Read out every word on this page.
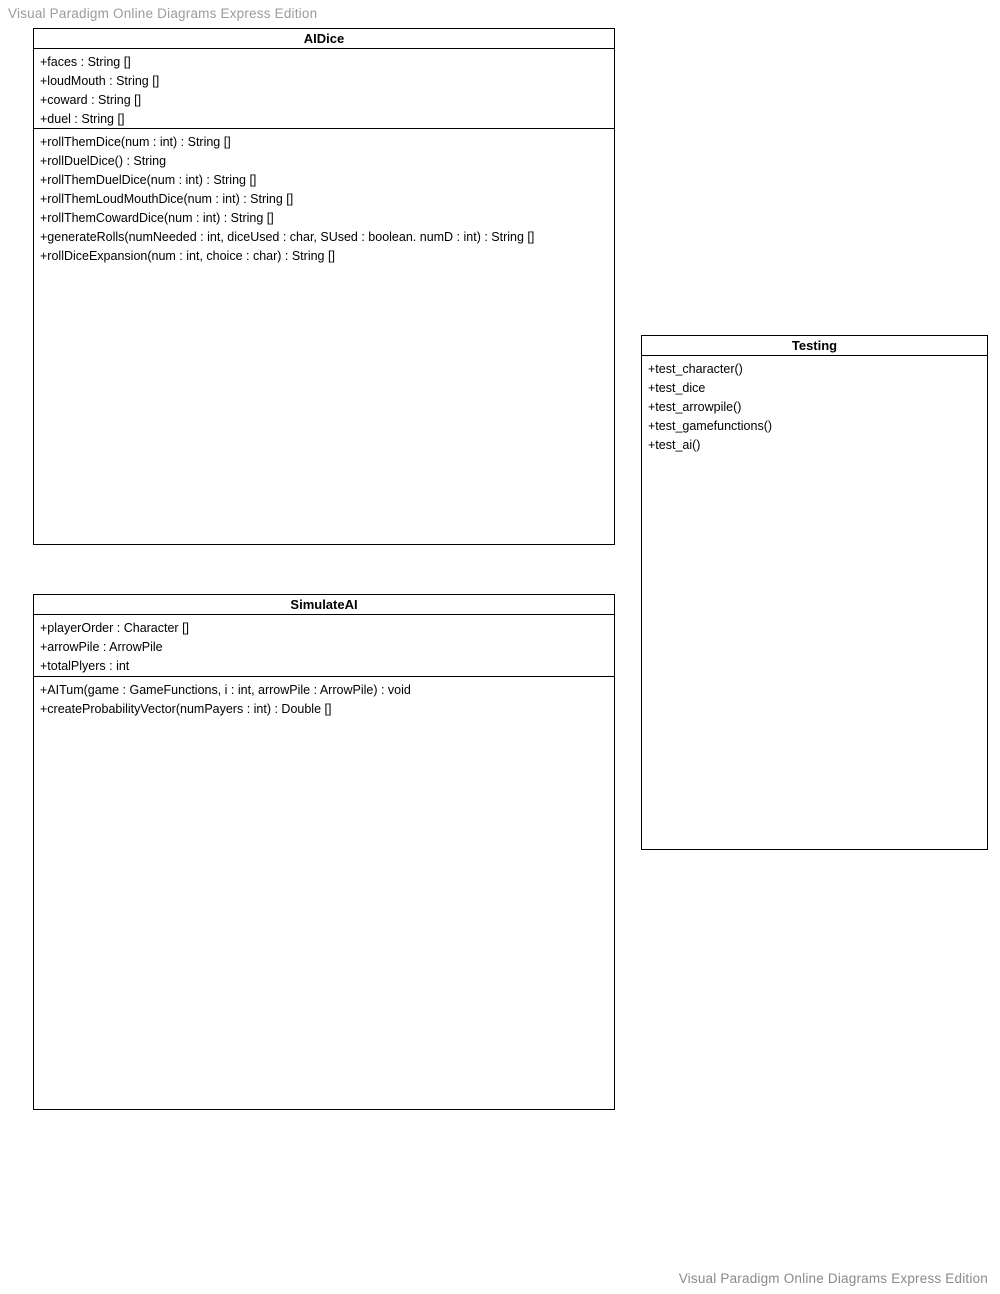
Visual Paradigm Online Diagrams Express Edition
AIDice
+faces : String []
+loudMouth : String []
+coward : String []
+duel : String []
+rollThemDice(num : int) : String []
+rollDuelDice() : String
+rollThemDuelDice(num : int) : String []
+rollThemLoudMouthDice(num : int) : String []
+rollThemCowardDice(num : int) : String []
+generateRolls(numNeeded : int, diceUsed : char, SUsed : boolean. numD : int) : String []
+rollDiceExpansion(num : int, choice : char) : String []
Testing
+test_character()
+test_dice
+test_arrowpile()
+test_gamefunctions()
+test_ai()
SimulateAI
+playerOrder : Character []
+arrowPile : ArrowPile
+totalPlyers : int
+AITum(game : GameFunctions, i : int, arrowPile : ArrowPile) : void
+createProbabilityVector(numPayers : int) : Double []
Visual Paradigm Online Diagrams Express Edition
